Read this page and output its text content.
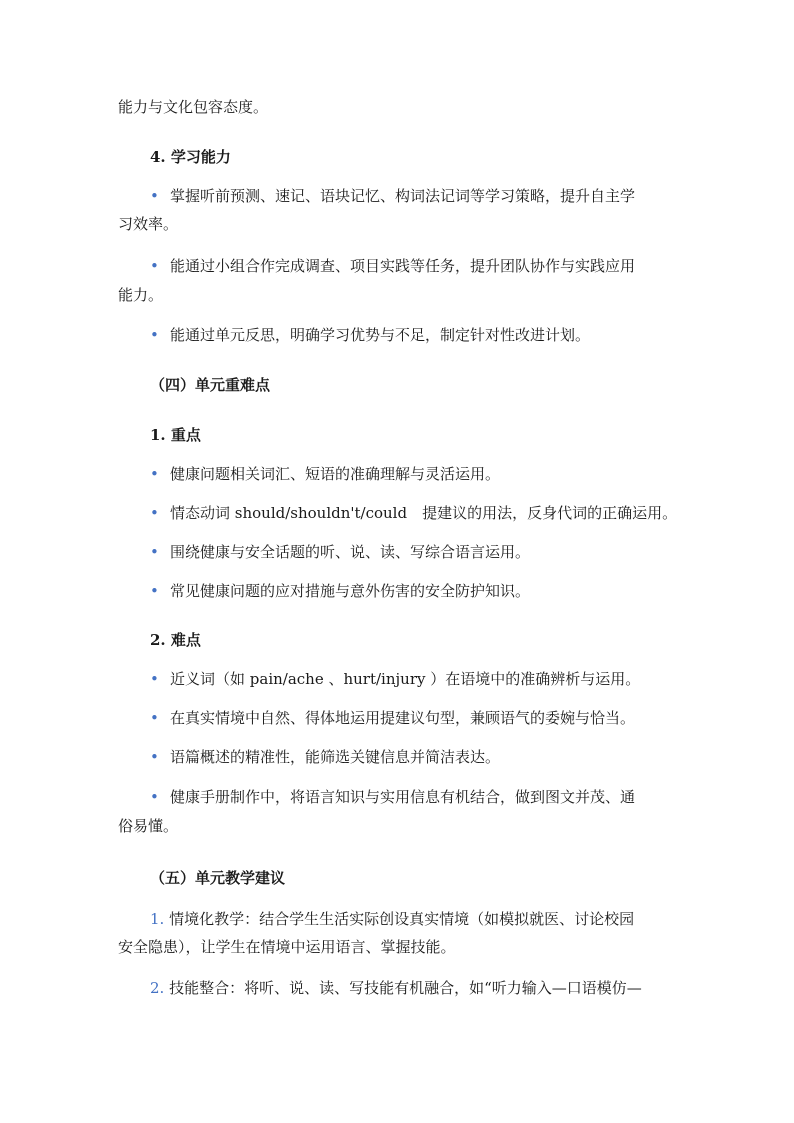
能力与文化包容态度。
4. 学习能力
• 掌握听前预测、速记、语块记忆、构词法记词等学习策略，提升自主学
习效率。
• 能通过小组合作完成调查、项目实践等任务，提升团队协作与实践应用
能力。
• 能通过单元反思，明确学习优势与不足，制定针对性改进计划。
（四）单元重难点
1. 重点
• 健康问题相关词汇、短语的准确理解与灵活运用。
• 情态动词 should/shouldn't/could　提建议的用法，反身代词的正确运用。
• 围绕健康与安全话题的听、说、读、写综合语言运用。
• 常见健康问题的应对措施与意外伤害的安全防护知识。
2. 难点
• 近义词（如 pain/ache 、hurt/injury ）在语境中的准确辨析与运用。
• 在真实情境中自然、得体地运用提建议句型，兼顾语气的委婉与恰当。
• 语篇概述的精准性，能筛选关键信息并简洁表达。
• 健康手册制作中，将语言知识与实用信息有机结合，做到图文并茂、通
俗易懂。
（五）单元教学建议
1. 情境化教学：结合学生生活实际创设真实情境（如模拟就医、讨论校园
安全隐患），让学生在情境中运用语言、掌握技能。
2. 技能整合：将听、说、读、写技能有机融合，如“听力输入—口语模仿—
